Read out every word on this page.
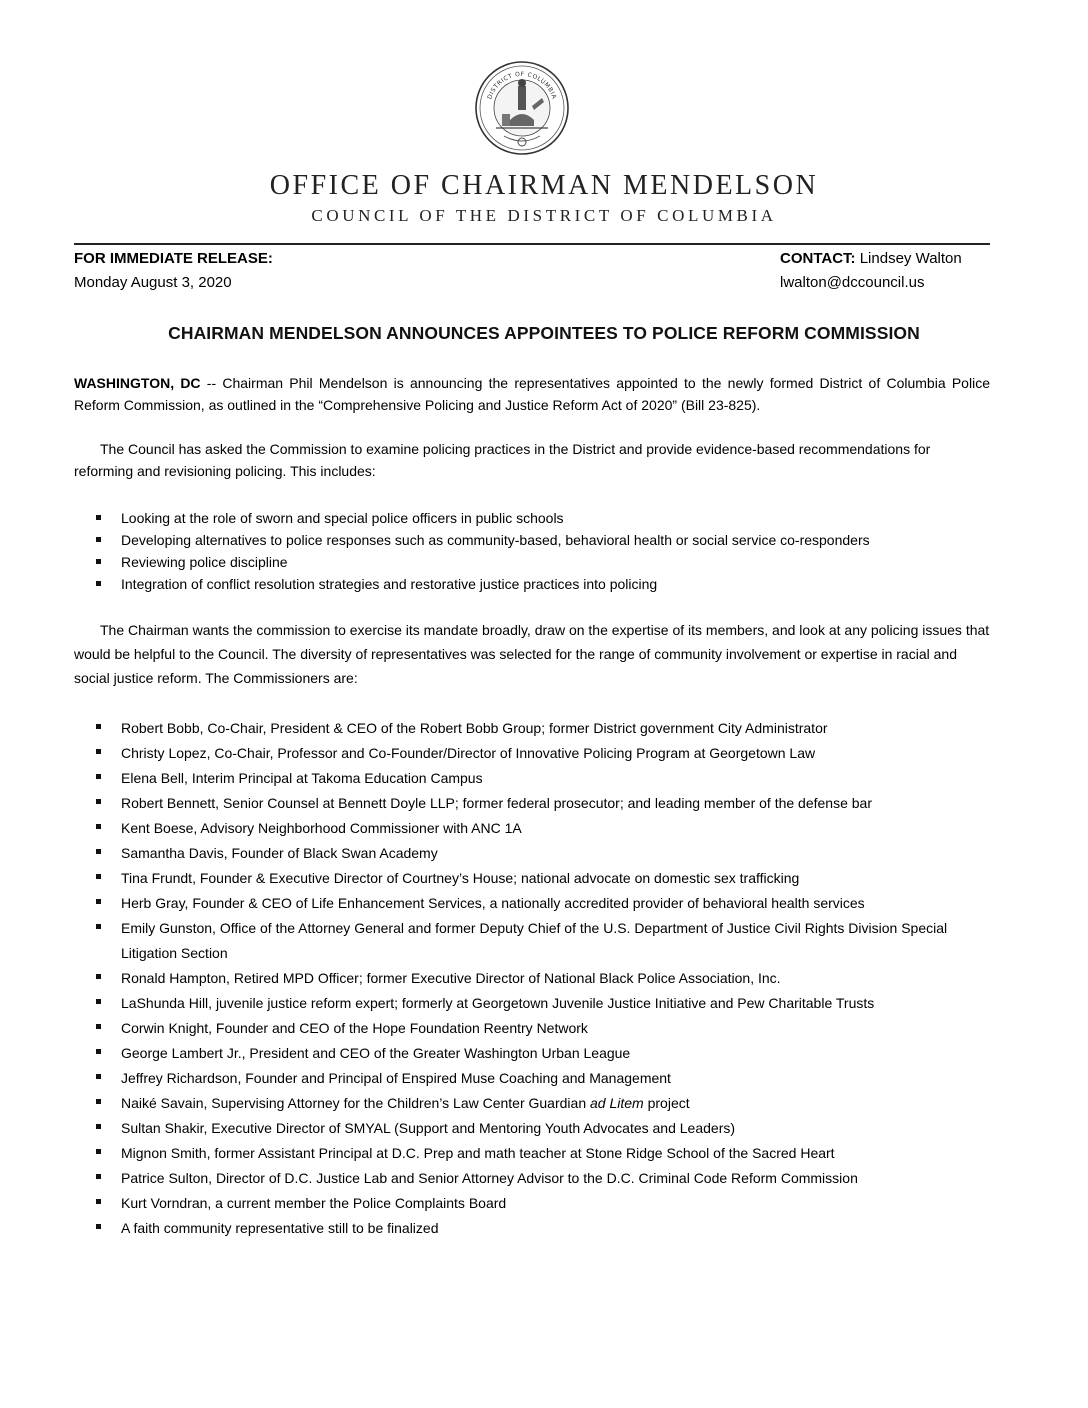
DISTRICT OF COLUMBIA
OFFICE OF CHAIRMAN MENDELSON
COUNCIL OF THE DISTRICT OF COLUMBIA
FOR IMMEDIATE RELEASE:
Monday August 3, 2020
CONTACT: Lindsey Walton
lwalton@dccouncil.us
CHAIRMAN MENDELSON ANNOUNCES APPOINTEES TO POLICE REFORM COMMISSION
WASHINGTON, DC -- Chairman Phil Mendelson is announcing the representatives appointed to the newly formed District of Columbia Police Reform Commission, as outlined in the “Comprehensive Policing and Justice Reform Act of 2020” (Bill 23-825).
The Council has asked the Commission to examine policing practices in the District and provide evidence-based recommendations for reforming and revisioning policing. This includes:
Looking at the role of sworn and special police officers in public schools
Developing alternatives to police responses such as community-based, behavioral health or social service co-responders
Reviewing police discipline
Integration of conflict resolution strategies and restorative justice practices into policing
The Chairman wants the commission to exercise its mandate broadly, draw on the expertise of its members, and look at any policing issues that would be helpful to the Council. The diversity of representatives was selected for the range of community involvement or expertise in racial and social justice reform. The Commissioners are:
Robert Bobb, Co-Chair, President & CEO of the Robert Bobb Group; former District government City Administrator
Christy Lopez, Co-Chair, Professor and Co-Founder/Director of Innovative Policing Program at Georgetown Law
Elena Bell, Interim Principal at Takoma Education Campus
Robert Bennett, Senior Counsel at Bennett Doyle LLP; former federal prosecutor; and leading member of the defense bar
Kent Boese, Advisory Neighborhood Commissioner with ANC 1A
Samantha Davis, Founder of Black Swan Academy
Tina Frundt, Founder & Executive Director of Courtney’s House; national advocate on domestic sex trafficking
Herb Gray, Founder & CEO of Life Enhancement Services, a nationally accredited provider of behavioral health services
Emily Gunston, Office of the Attorney General and former Deputy Chief of the U.S. Department of Justice Civil Rights Division Special Litigation Section
Ronald Hampton, Retired MPD Officer; former Executive Director of National Black Police Association, Inc.
LaShunda Hill, juvenile justice reform expert; formerly at Georgetown Juvenile Justice Initiative and Pew Charitable Trusts
Corwin Knight, Founder and CEO of the Hope Foundation Reentry Network
George Lambert Jr., President and CEO of the Greater Washington Urban League
Jeffrey Richardson, Founder and Principal of Enspired Muse Coaching and Management
Naiké Savain, Supervising Attorney for the Children’s Law Center Guardian ad Litem project
Sultan Shakir, Executive Director of SMYAL (Support and Mentoring Youth Advocates and Leaders)
Mignon Smith, former Assistant Principal at D.C. Prep and math teacher at Stone Ridge School of the Sacred Heart
Patrice Sulton, Director of D.C. Justice Lab and Senior Attorney Advisor to the D.C. Criminal Code Reform Commission
Kurt Vorndran, a current member the Police Complaints Board
A faith community representative still to be finalized
